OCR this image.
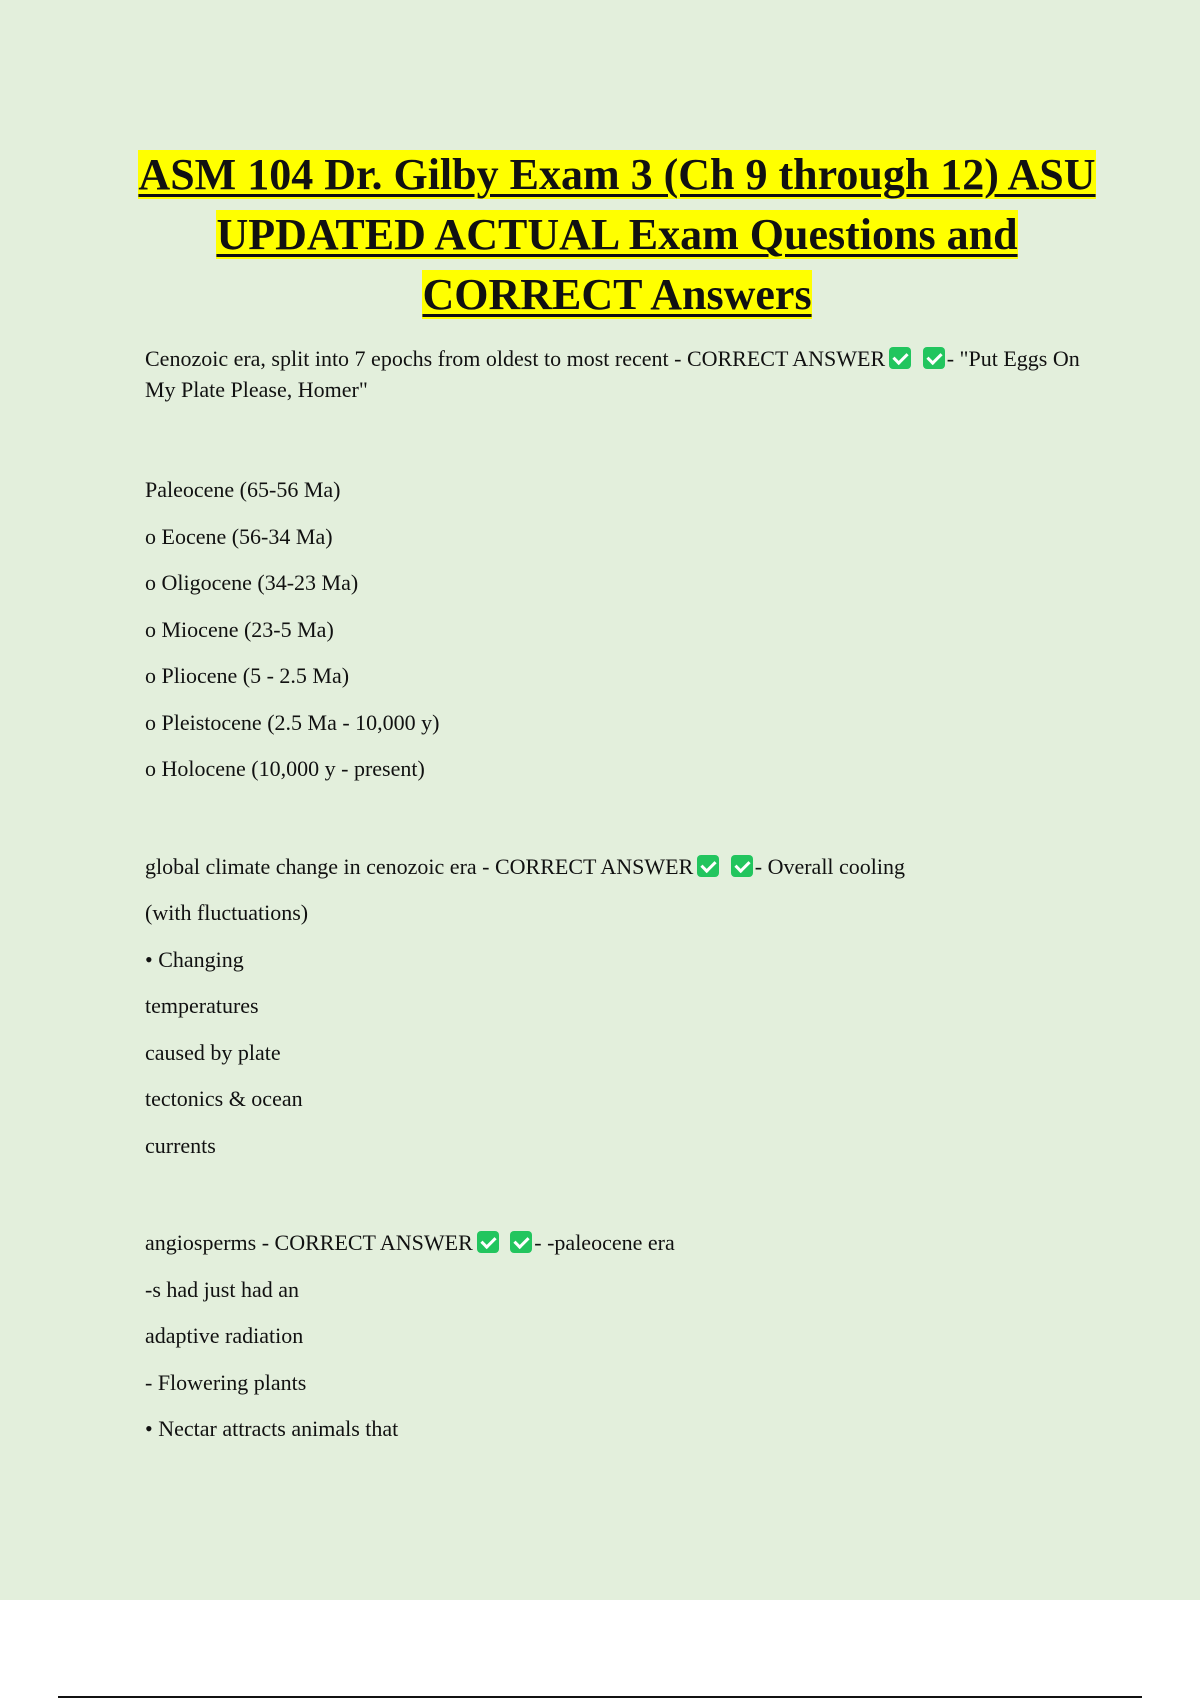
ASM 104 Dr. Gilby Exam 3 (Ch 9 through 12) ASU UPDATED ACTUAL Exam Questions and CORRECT Answers

Cenozoic era, split into 7 epochs from oldest to most recent - CORRECT ANSWER	- "Put Eggs On My Plate Please, Homer"

Paleocene (65-56 Ma)

o Eocene (56-34 Ma)

o Oligocene (34-23 Ma)

o Miocene (23-5 Ma)

o Pliocene (5 - 2.5 Ma)

o Pleistocene (2.5 Ma - 10,000 y)

o Holocene (10,000 y - present)

global climate change in cenozoic era - CORRECT ANSWER	- Overall cooling

(with fluctuations)

• Changing

temperatures

caused by plate

tectonics & ocean

currents

angiosperms - CORRECT ANSWER	- -paleocene era

-s had just had an

adaptive radiation

- Flowering plants

• Nectar attracts animals that
